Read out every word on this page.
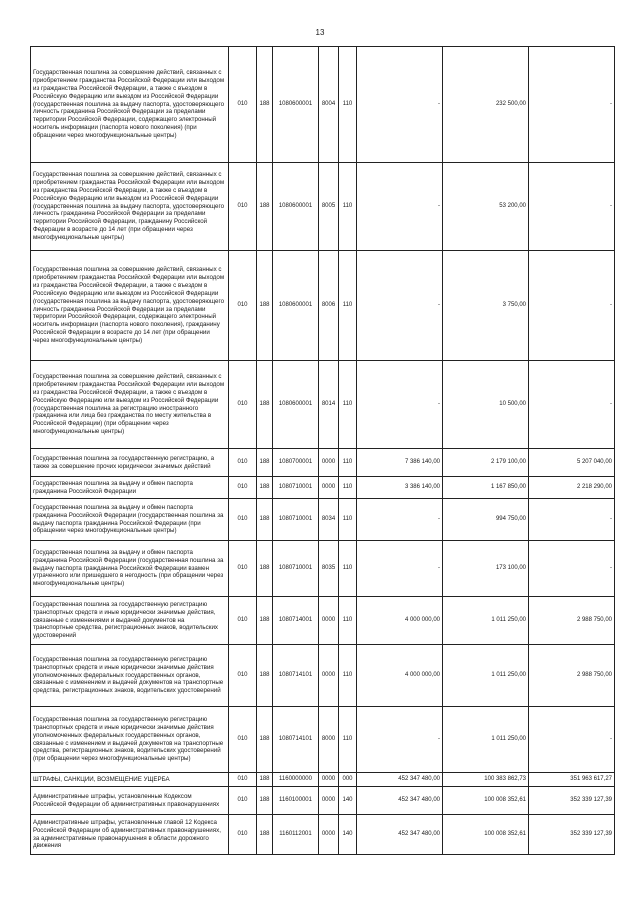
13
Государственная пошлина за совершение действий, связанных с приобретением гражданства Российской Федерации или выходом из гражданства Российской Федерации, а также с въездом в Российскую Федерацию или выездом из Российской Федерации (государственная пошлина за выдачу паспорта, удостоверяющего личность гражданина Российской Федерации за пределами территории Российской Федерации, содержащего электронный носитель информации (паспорта нового поколения) (при обращении через многофункциональные центры)	010	188	1080600001	8004	110	-	232 500,00	-
Государственная пошлина за совершение действий, связанных с приобретением гражданства Российской Федерации или выходом из гражданства Российской Федерации, а также с въездом в Российскую Федерацию или выездом из Российской Федерации (государственная пошлина за выдачу паспорта, удостоверяющего личность гражданина Российской Федерации за пределами территории Российской Федерации, гражданину Российской Федерации в возрасте до 14 лет (при обращении через многофункциональные центры)	010	188	1080600001	8005	110	-	53 200,00	-
Государственная пошлина за совершение действий, связанных с приобретением гражданства Российской Федерации или выходом из гражданства Российской Федерации, а также с въездом в Российскую Федерацию или выездом из Российской Федерации (государственная пошлина за выдачу паспорта, удостоверяющего личность гражданина Российской Федерации за пределами территории Российской Федерации, содержащего электронный носитель информации (паспорта нового поколения), гражданину Российской Федерации в возрасте до 14 лет (при обращении через многофункциональные центры)	010	188	1080600001	8006	110	-	3 750,00	-
Государственная пошлина за совершение действий, связанных с приобретением гражданства Российской Федерации или выходом из гражданства Российской Федерации, а также с въездом в Российскую Федерацию или выездом из Российской Федерации (государственная пошлина за регистрацию иностранного гражданина или лица без гражданства по месту жительства в Российской Федерации) (при обращении через многофункциональные центры)	010	188	1080600001	8014	110	-	10 500,00	-
Государственная пошлина за государственную регистрацию, а также за совершение прочих юридически значимых действий	010	188	1080700001	0000	110	7 386 140,00	2 179 100,00	5 207 040,00
Государственная пошлина за выдачу и обмен паспорта гражданина Российской Федерации	010	188	1080710001	0000	110	3 386 140,00	1 167 850,00	2 218 290,00
Государственная пошлина за выдачу и обмен паспорта гражданина Российской Федерации (государственная пошлина за выдачу паспорта гражданина Российской Федерации (при обращении через многофункциональные центры)	010	188	1080710001	8034	110	-	994 750,00	-
Государственная пошлина за выдачу и обмен паспорта гражданина Российской Федерации (государственная пошлина за выдачу паспорта гражданина Российской Федерации взамен утраченного или пришедшего в негодность (при обращении через многофункциональные центры)	010	188	1080710001	8035	110	-	173 100,00	-
Государственная пошлина за государственную регистрацию транспортных средств и иные юридически значимые действия, связанные с изменениями и выдачей документов на транспортные средства, регистрационных знаков, водительских удостоверений	010	188	1080714001	0000	110	4 000 000,00	1 011 250,00	2 988 750,00
Государственная пошлина за государственную регистрацию транспортных средств и иные юридически значимые действия уполномоченных федеральных государственных органов, связанные с изменением и выдачей документов на транспортные средства, регистрационных знаков, водительских удостоверений	010	188	1080714101	0000	110	4 000 000,00	1 011 250,00	2 988 750,00
Государственная пошлина за государственную регистрацию транспортных средств и иные юридически значимые действия уполномоченных федеральных государственных органов, связанные с изменением и выдачей документов на транспортные средства, регистрационных знаков, водительских удостоверений (при обращении через многофункциональные центры)	010	188	1080714101	8000	110	-	1 011 250,00	-
ШТРАФЫ, САНКЦИИ, ВОЗМЕЩЕНИЕ УЩЕРБА	010	188	1160000000	0000	000	452 347 480,00	100 383 862,73	351 963 617,27
Административные штрафы, установленные Кодексом Российской Федерации об административных правонарушениях	010	188	1160100001	0000	140	452 347 480,00	100 008 352,61	352 339 127,39
Административные штрафы, установленные главой 12 Кодекса Российской Федерации об административных правонарушениях, за административные правонарушения в области дорожного движения	010	188	1160112001	0000	140	452 347 480,00	100 008 352,61	352 339 127,39
